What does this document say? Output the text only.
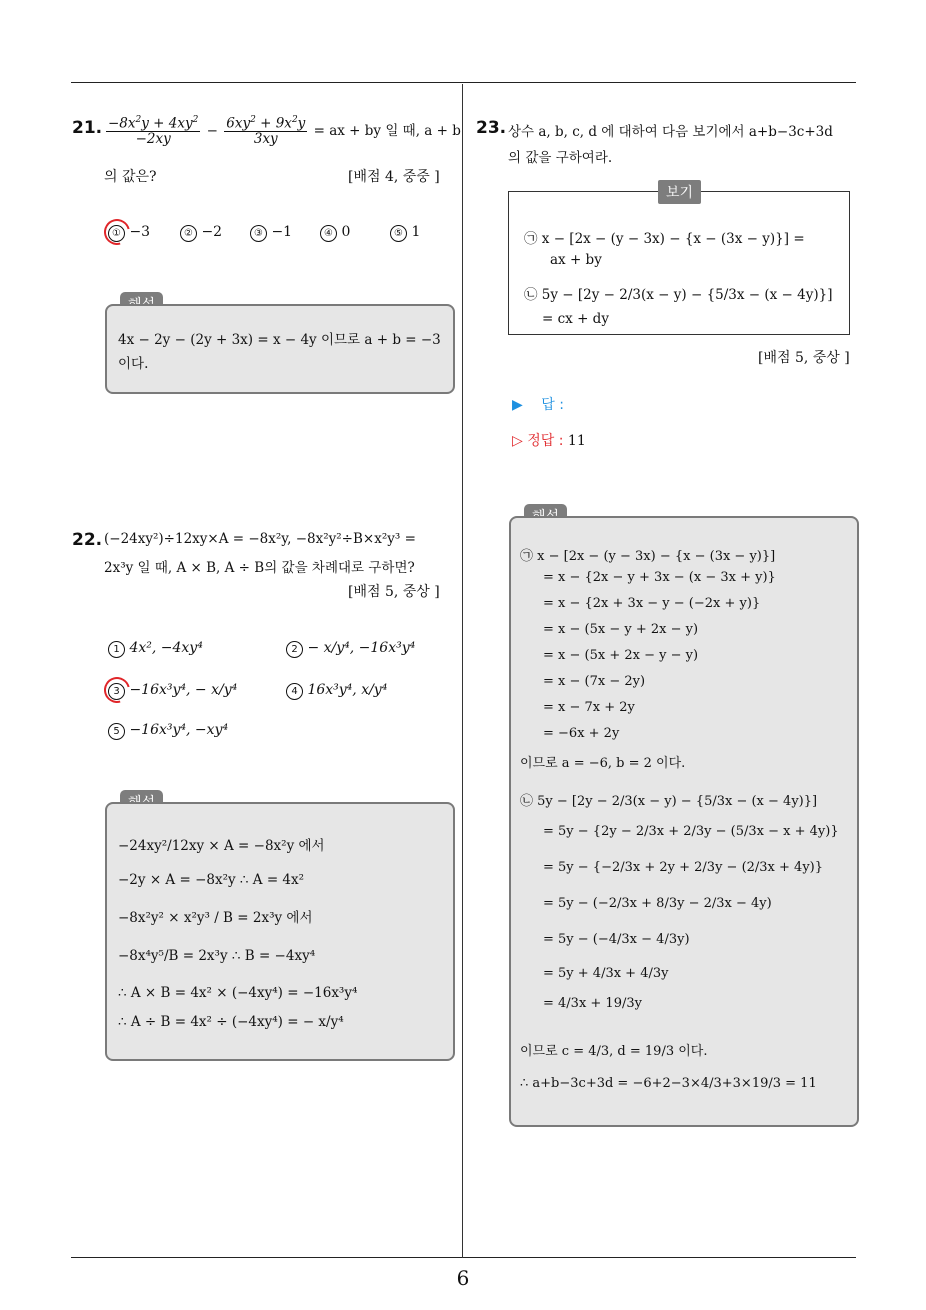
21. $\frac{-8x^2y + 4xy^2}{-2xy} - \frac{6xy^2 + 9x^2y}{3xy}$ = ax + by 일 때, a + b
의 값은?	[배점 4, 중중 ]
① −3	② −2	③ −1	④ 0	⑤ 1
4x − 2y − (2y + 3x) = x − 4y 이므로 a + b = −3
이다.
22. (−24xy²)÷12xy×A = −8x²y, −8x²y²÷B×x²y³ =
2x³y 일 때, A × B, A ÷ B의 값을 차례대로 구하면?
[배점 5, 중상 ]
1 4x², −4xy⁴	2 − x/y⁴, −16x³y⁴
3 −16x³y⁴, − x/y⁴	4 16x³y⁴, x/y⁴
5 −16x³y⁴, −xy⁴
−24xy²/12xy × A = −8x²y 에서
−2y × A = −8x²y ∴ A = 4x²
−8x²y² × x²y³ / B = 2x³y 에서
−8x⁴y⁵/B = 2x³y ∴ B = −4xy⁴
∴ A × B = 4x² × (−4xy⁴) = −16x³y⁴
∴ A ÷ B = 4x² ÷ (−4xy⁴) = − x/y⁴
23. 상수 a, b, c, d 에 대하여 다음 보기에서 a+b−3c+3d
의 값을 구하여라.
보기
㉠ x − [2x − (y − 3x) − {x − (3x − y)}] =
ax + by
㉡ 5y − [2y − 2/3(x − y) − {5/3x − (x − 4y)}]
= cx + dy
[배점 5, 중상 ]
▶ 답 :
▷ 정답 : 11
㉠ x − [2x − (y − 3x) − {x − (3x − y)}]
= x − {2x − y + 3x − (x − 3x + y)}
= x − {2x + 3x − y − (−2x + y)}
= x − (5x − y + 2x − y)
= x − (5x + 2x − y − y)
= x − (7x − 2y)
= x − 7x + 2y
= −6x + 2y
이므로 a = −6, b = 2 이다.
㉡ 5y − [2y − 2/3(x − y) − {5/3x − (x − 4y)}]
= 5y − {2y − 2/3x + 2/3y − (5/3x − x + 4y)}
= 5y − {−2/3x + 2y + 2/3y − (2/3x + 4y)}
= 5y − (−2/3x + 8/3y − 2/3x − 4y)
= 5y − (−4/3x − 4/3y)
= 5y + 4/3x + 4/3y
= 4/3x + 19/3y
이므로 c = 4/3, d = 19/3 이다.
∴ a+b−3c+3d = −6+2−3×4/3+3×19/3 = 11
6
